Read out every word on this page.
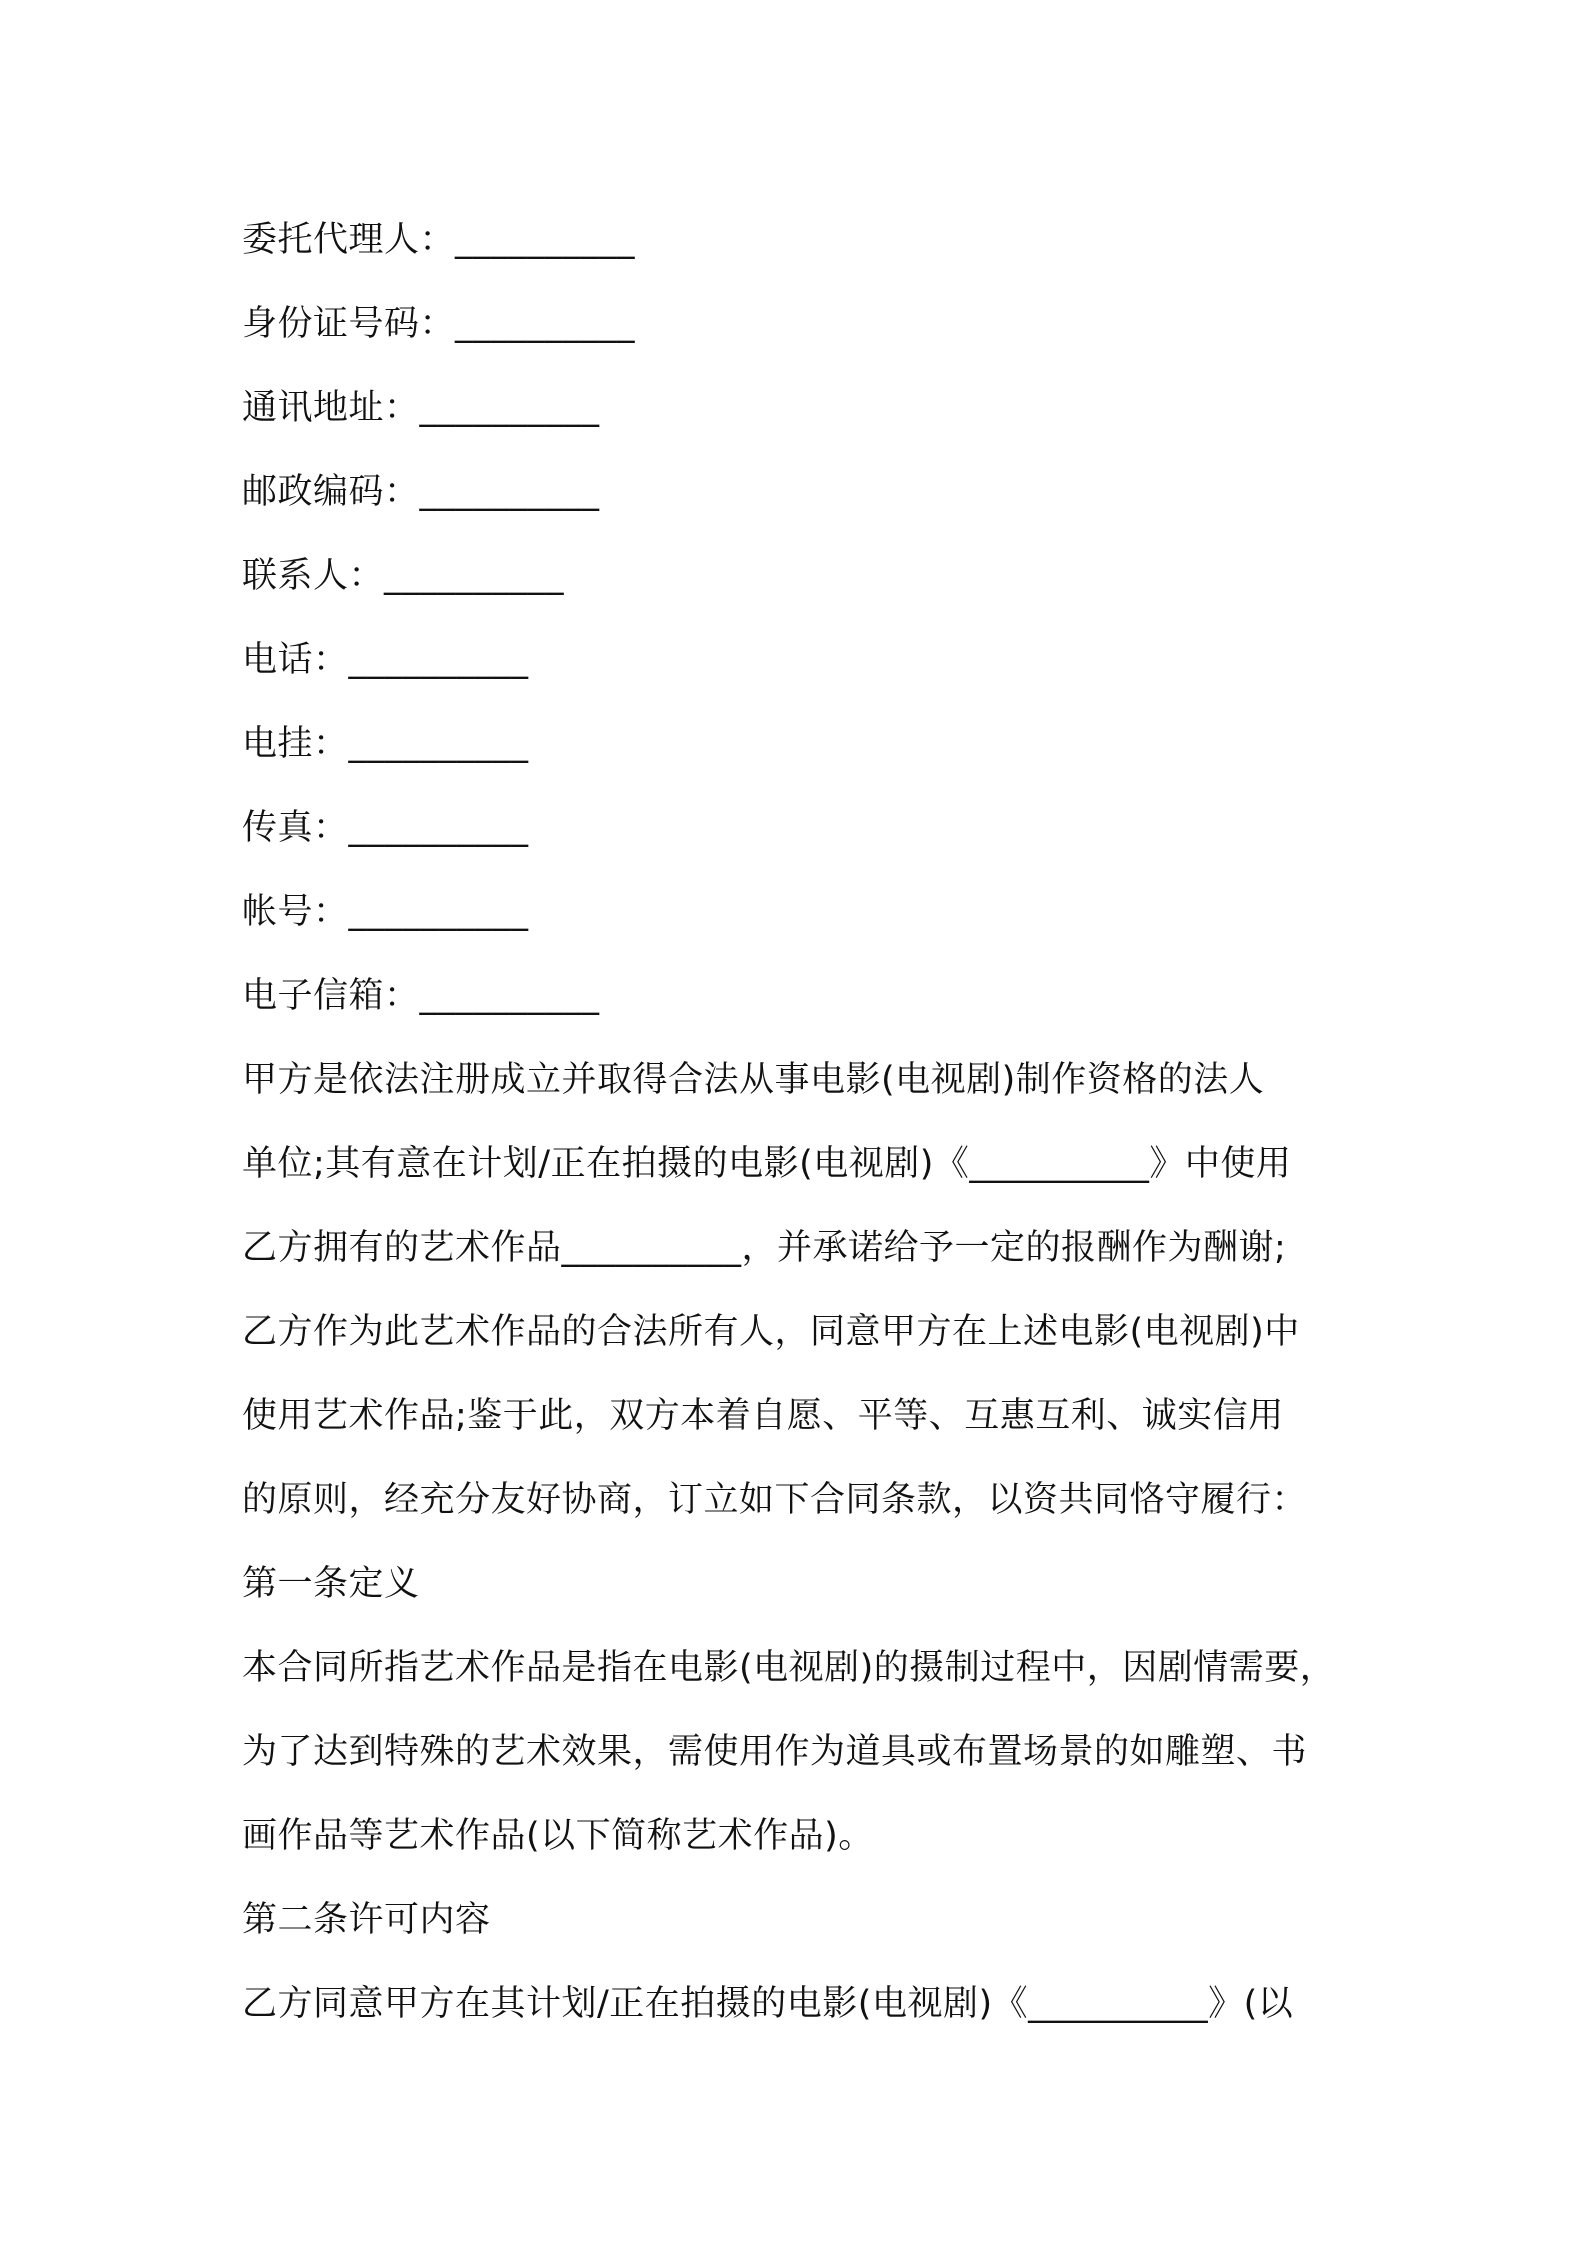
委托代理人：__________
身份证号码：__________
通讯地址：__________
邮政编码：__________
联系人：__________
电话：__________
电挂：__________
传真：__________
帐号：__________
电子信箱：__________
甲方是依法注册成立并取得合法从事电影(电视剧)制作资格的法人
单位;其有意在计划/正在拍摄的电影(电视剧)《__________》中使用
乙方拥有的艺术作品__________，并承诺给予一定的报酬作为酬谢;
乙方作为此艺术作品的合法所有人，同意甲方在上述电影(电视剧)中
使用艺术作品;鉴于此，双方本着自愿、平等、互惠互利、诚实信用
的原则，经充分友好协商，订立如下合同条款，以资共同恪守履行：
第一条定义
本合同所指艺术作品是指在电影(电视剧)的摄制过程中，因剧情需要，
为了达到特殊的艺术效果，需使用作为道具或布置场景的如雕塑、书
画作品等艺术作品(以下简称艺术作品)。
第二条许可内容
乙方同意甲方在其计划/正在拍摄的电影(电视剧)《__________》(以
